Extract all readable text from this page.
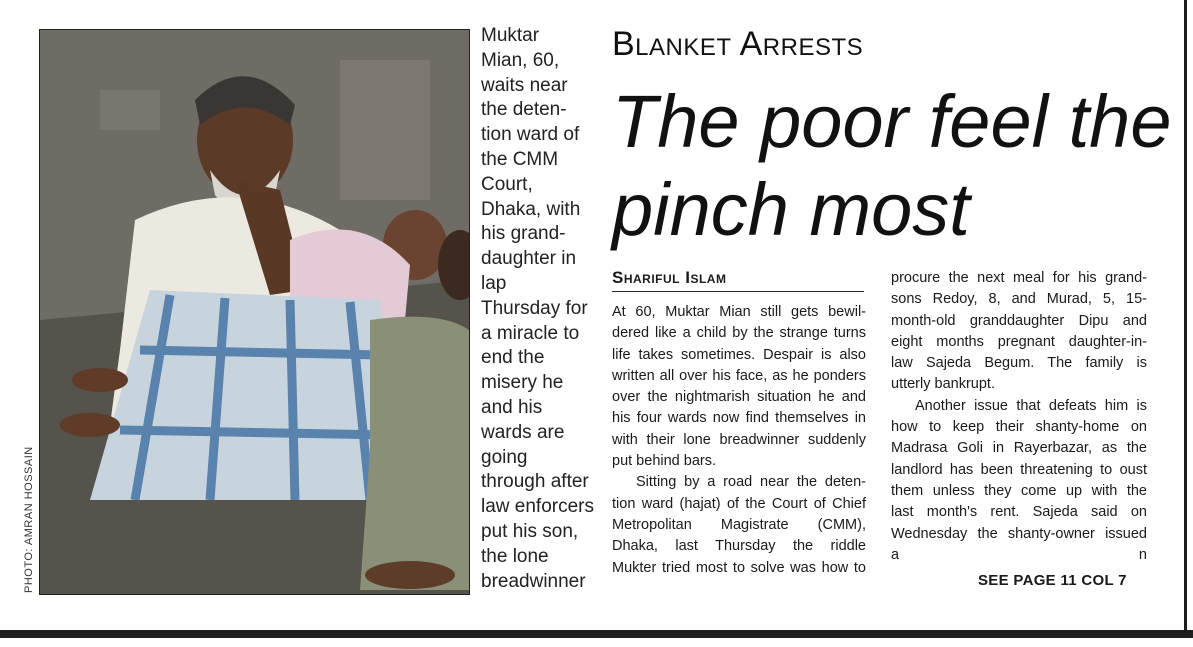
PHOTO: AMRAN HOSSAIN
Muktar
Mian, 60,
waits near
the deten-
tion ward of
the CMM
Court,
Dhaka, with
his grand-
daughter in
lap
Thursday for
a miracle to
end the
misery he
and his
wards are
going
through after
law enforcers
put his son,
the lone
breadwinner
Blanket Arrests
The poor feel the
pinch most
Shariful Islam
At 60, Muktar Mian still gets bewil-
dered like a child by the strange turns
life takes sometimes. Despair is also
written all over his face, as he ponders
over the nightmarish situation he and
his four wards now find themselves in
with their lone breadwinner suddenly
put behind bars.
Sitting by a road near the deten-
tion ward (hajat) of the Court of Chief
Metropolitan Magistrate (CMM),
Dhaka, last Thursday the riddle
Mukter tried most to solve was how to
procure the next meal for his grand-
sons Redoy, 8, and Murad, 5, 15-
month-old granddaughter Dipu and
eight months pregnant daughter-in-
law Sajeda Begum. The family is
utterly bankrupt.
Another issue that defeats him is
how to keep their shanty-home on
Madrasa Goli in Rayerbazar, as the
landlord has been threatening to oust
them unless they come up with the
last month's rent. Sajeda said on
Wednesday the shanty-owner issued
a n
SEE PAGE 11 COL 7
